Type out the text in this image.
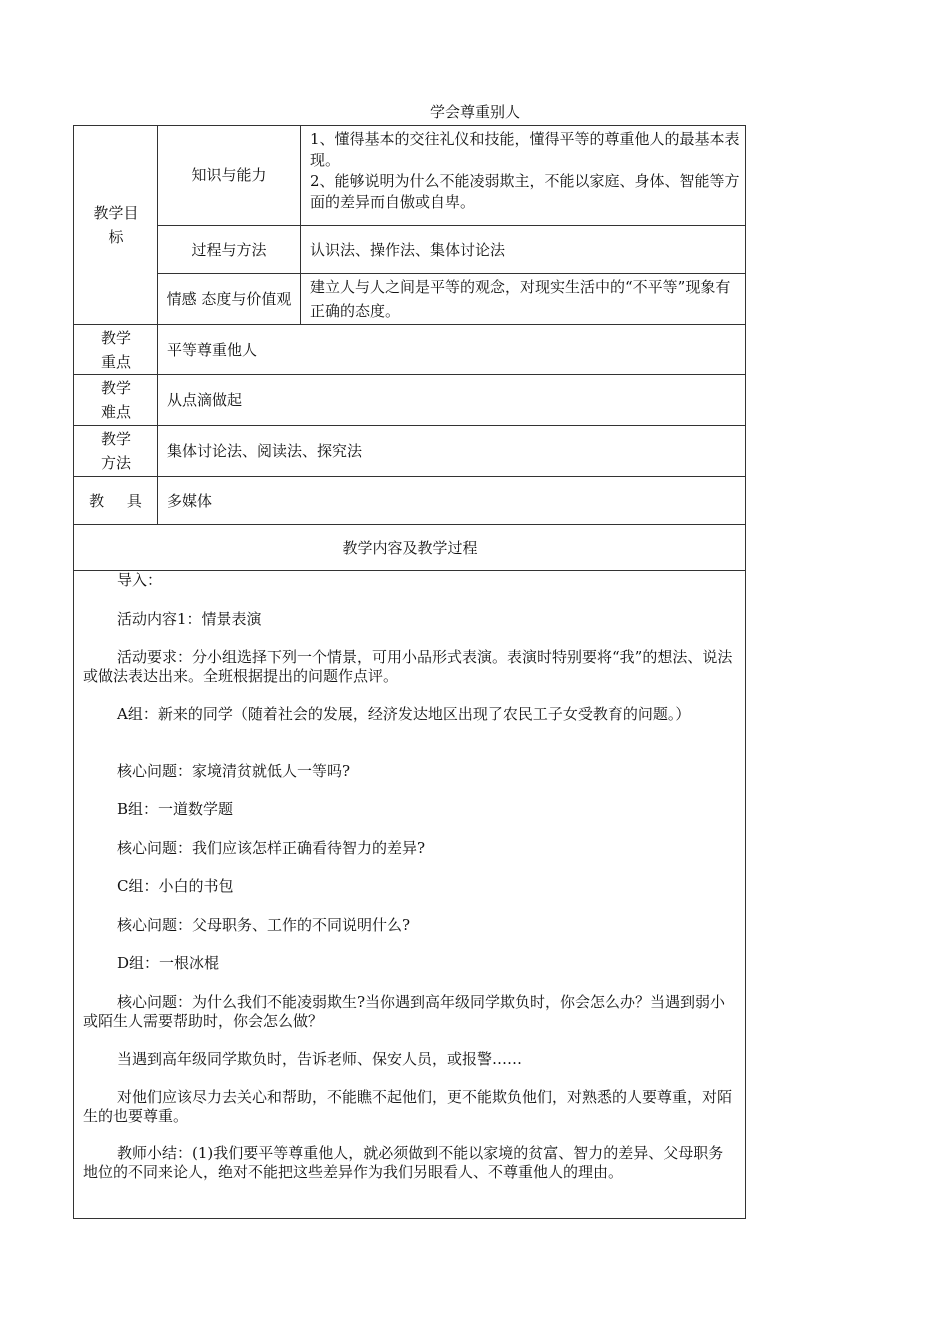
学会尊重别人
教学目标
知识与能力
1、懂得基本的交往礼仪和技能，懂得平等的尊重他人的最基本表现。
2、能够说明为什么不能凌弱欺主，不能以家庭、身体、智能等方面的差异而自傲或自卑。
过程与方法	认识法、操作法、集体讨论法
情感 态度与价值观
建立人与人之间是平等的观念，对现实生活中的“不平等”现象有正确的态度。
教学重点
平等尊重他人
教学难点
从点滴做起
教学方法
集体讨论法、阅读法、探究法
教 具 多媒体
教学内容及教学过程
导入：
活动内容1：情景表演
活动要求：分小组选择下列一个情景，可用小品形式表演。表演时特别要将“我”的想法、说法或做法表达出来。全班根据提出的问题作点评。
A组：新来的同学（随着社会的发展，经济发达地区出现了农民工子女受教育的问题。）
核心问题：家境清贫就低人一等吗?
B组：一道数学题
核心问题：我们应该怎样正确看待智力的差异?
C组：小白的书包
核心问题：父母职务、工作的不同说明什么?
D组：一根冰棍
核心问题：为什么我们不能凌弱欺生?当你遇到高年级同学欺负时，你会怎么办？当遇到弱小或陌生人需要帮助时，你会怎么做？
当遇到高年级同学欺负时，告诉老师、保安人员，或报警……
对他们应该尽力去关心和帮助，不能瞧不起他们，更不能欺负他们，对熟悉的人要尊重，对陌生的也要尊重。
教师小结：(1)我们要平等尊重他人，就必须做到不能以家境的贫富、智力的差异、父母职务地位的不同来论人，绝对不能把这些差异作为我们另眼看人、不尊重他人的理由。
